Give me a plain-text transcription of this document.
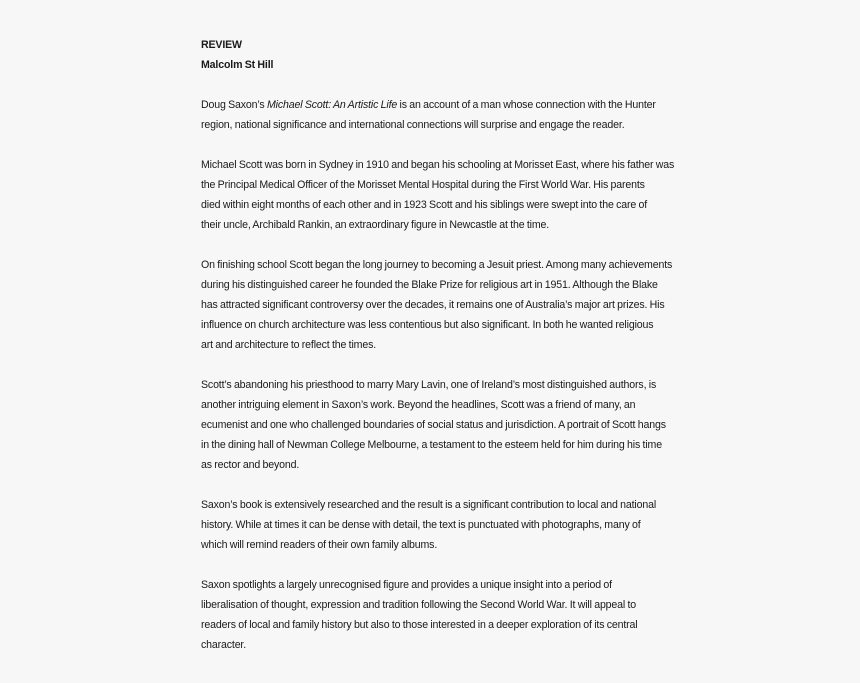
REVIEW
Malcolm St Hill

Doug Saxon’s Michael Scott: An Artistic Life is an account of a man whose connection with the Hunter
region, national significance and international connections will surprise and engage the reader.

Michael Scott was born in Sydney in 1910 and began his schooling at Morisset East, where his father was
the Principal Medical Officer of the Morisset Mental Hospital during the First World War. His parents
died within eight months of each other and in 1923 Scott and his siblings were swept into the care of
their uncle, Archibald Rankin, an extraordinary figure in Newcastle at the time.

On finishing school Scott began the long journey to becoming a Jesuit priest. Among many achievements
during his distinguished career he founded the Blake Prize for religious art in 1951. Although the Blake
has attracted significant controversy over the decades, it remains one of Australia’s major art prizes. His
influence on church architecture was less contentious but also significant. In both he wanted religious
art and architecture to reflect the times.

Scott’s abandoning his priesthood to marry Mary Lavin, one of Ireland’s most distinguished authors, is
another intriguing element in Saxon’s work. Beyond the headlines, Scott was a friend of many, an
ecumenist and one who challenged boundaries of social status and jurisdiction. A portrait of Scott hangs
in the dining hall of Newman College Melbourne, a testament to the esteem held for him during his time
as rector and beyond.

Saxon’s book is extensively researched and the result is a significant contribution to local and national
history. While at times it can be dense with detail, the text is punctuated with photographs, many of
which will remind readers of their own family albums.

Saxon spotlights a largely unrecognised figure and provides a unique insight into a period of
liberalisation of thought, expression and tradition following the Second World War. It will appeal to
readers of local and family history but also to those interested in a deeper exploration of its central
character.
